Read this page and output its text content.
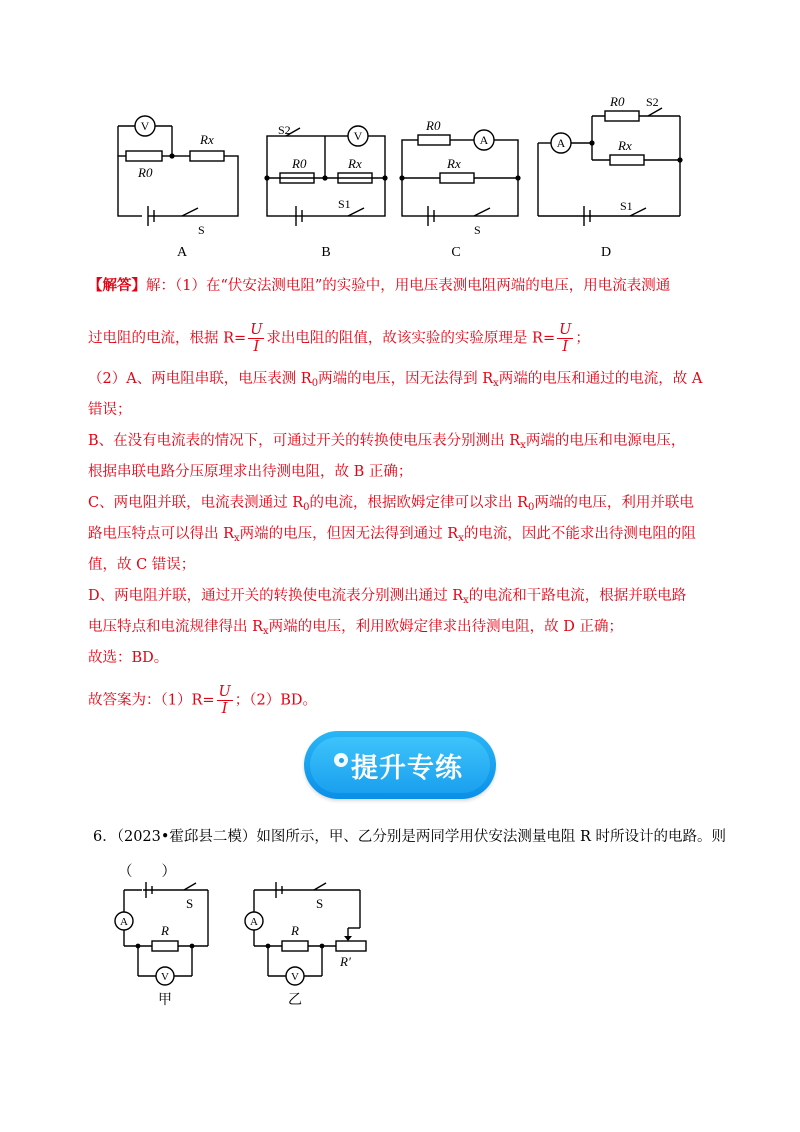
V
V	A	A
R0
Rx
R0	Rx
R0
Rx
R0
Rx
S
S2
S1
S
S2
S1
A	B	C	D
【解答】解：（1）在“伏安法测电阻”的实验中，用电压表测电阻两端的电压，用电流表测通
过电阻的电流，根据 $R= \frac{U}{I}$ 求出电阻的阻值，故该实验的实验原理是 $R= \frac{U}{I}$ ；
（2）A、两电阻串联，电压表测 $R_0$两端的电压，因无法得到 $R_x$两端的电压和通过的电流，故 A
错误；
B、在没有电流表的情况下，可通过开关的转换使电压表分别测出 $R_x$两端的电压和电源电压，
根据串联电路分压原理求出待测电阻，故 B 正确；
C、两电阻并联，电流表测通过 $R_0$的电流，根据欧姆定律可以求出 $R_0$两端的电压，利用并联电
路电压特点可以得出 $R_x$两端的电压，但因无法得到通过 $R_x$的电流，因此不能求出待测电阻的阻
值，故 C 错误；
D、两电阻并联，通过开关的转换使电流表分别测出通过 $R_x$的电流和干路电流，根据并联电路
电压特点和电流规律得出 $R_x$两端的电压，利用欧姆定律求出待测电阻，故 D 正确；
故选：BD。
故答案为：$(1)R= \frac{U}{I}$ ；（2）BD。
提升专练
6．（2023•霍邱县二模）如图所示，甲、乙分别是两同学用伏安法测量电阻 R 时所设计的电路。则
（　　）
A
V
A
V
S	S
R	R
R′
甲	乙
